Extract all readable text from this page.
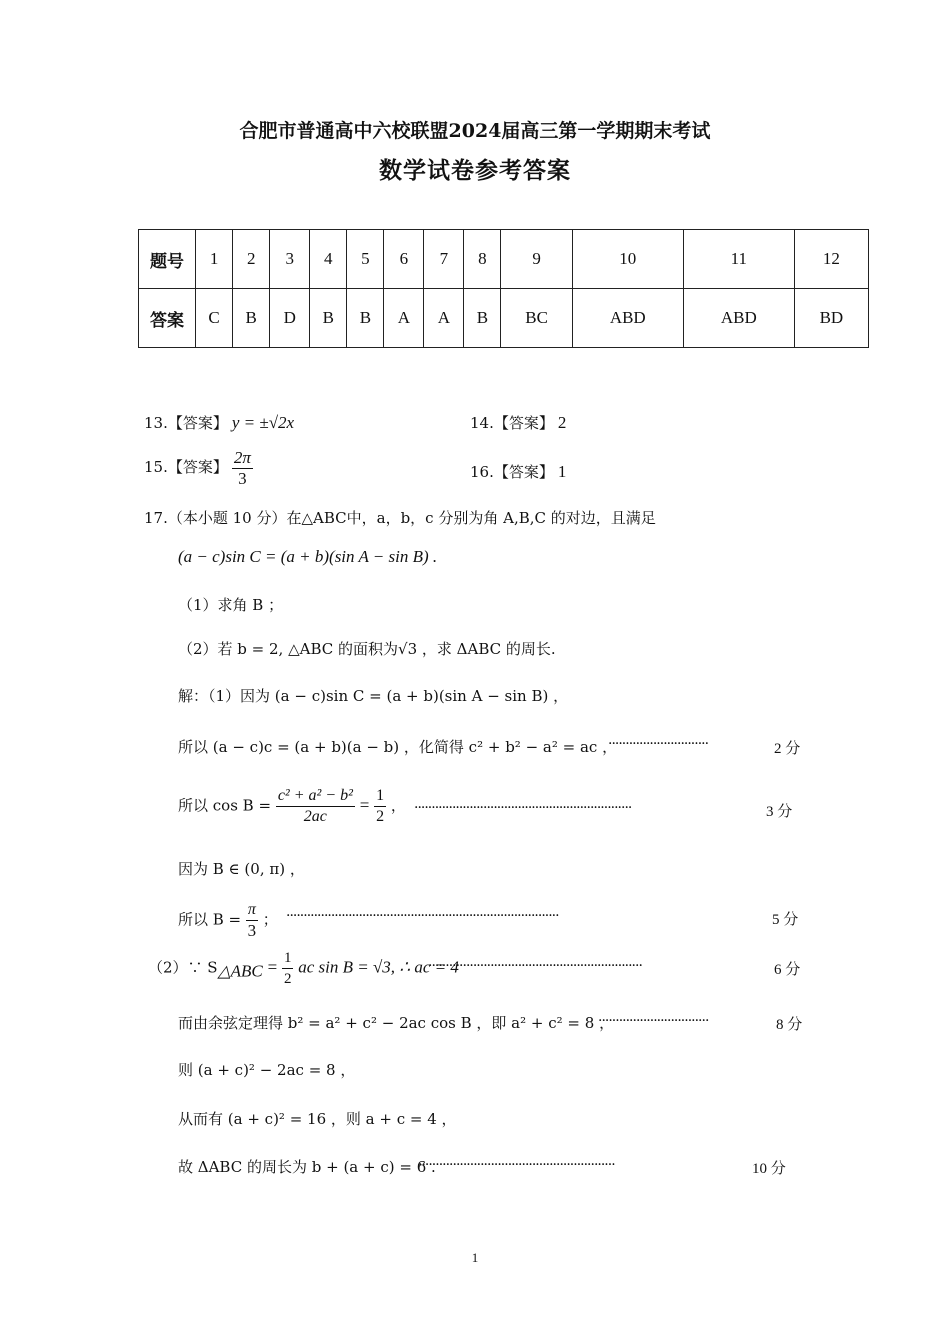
合肥市普通高中六校联盟2024届高三第一学期期末考试
数学试卷参考答案
题号	1	2	3	4	5	6	7	8	9	10	11	12
答案	C	B	D	B	B	A	A	B	BC	ABD	ABD	BD
13.【答案】 y = ±√2x	14.【答案】 2
15.【答案】 $\frac{2\pi}{3}$	16.【答案】 1
17.（本小题 10 分）在△ABC中，a，b，c 分别为角 A,B,C 的对边，且满足
(a − c)sin C = (a + b)(sin A − sin B) .
（1）求角 B ；
（2）若 b = 2, △ABC 的面积为√3 ，求 ΔABC 的周长.
解：（1）因为 (a − c)sin C = (a + b)(sin A − sin B) ，
所以 (a − c)c = (a + b)(a − b) ，化简得 c² + b² − a² = ac ，
·····························	2 分
所以 $\cos B = \frac{\text{c² + a² − b²}}{2ac} = \frac{1}{2}$ ， ·······························································	3 分
因为 B ∈ (0, π) ，
所以 $B = \frac{\pi}{3}$ ； ···············································································	5 分
（2）∵ $S_{\triangle ABC} = \frac{1}{2}$ ac sin B = √3, ∴ ac = 4
······························································	6 分
而由余弦定理得 b² = a² + c² − 2ac cos B ，即 a² + c² = 8 ，
································	8 分
则 (a + c)² − 2ac = 8 ，
从而有 (a + c)² = 16 ，则 a + c = 4 ，
故 ΔABC 的周长为 b + (a + c) = 6 .
·························································	10 分
1
